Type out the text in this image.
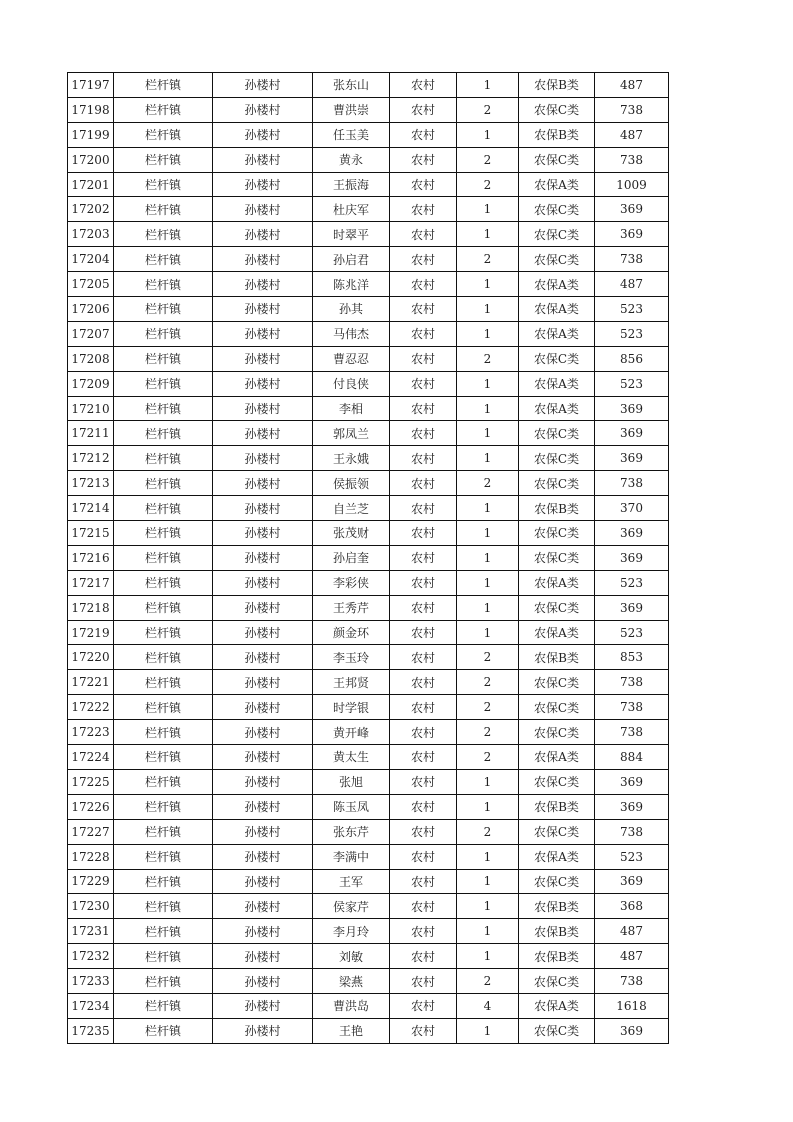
17197	栏杆镇	孙楼村	张东山	农村	1	农保B类	487
17198	栏杆镇	孙楼村	曹洪崇	农村	2	农保C类	738
17199	栏杆镇	孙楼村	任玉美	农村	1	农保B类	487
17200	栏杆镇	孙楼村	黄永	农村	2	农保C类	738
17201	栏杆镇	孙楼村	王振海	农村	2	农保A类	1009
17202	栏杆镇	孙楼村	杜庆军	农村	1	农保C类	369
17203	栏杆镇	孙楼村	时翠平	农村	1	农保C类	369
17204	栏杆镇	孙楼村	孙启君	农村	2	农保C类	738
17205	栏杆镇	孙楼村	陈兆洋	农村	1	农保A类	487
17206	栏杆镇	孙楼村	孙其	农村	1	农保A类	523
17207	栏杆镇	孙楼村	马伟杰	农村	1	农保A类	523
17208	栏杆镇	孙楼村	曹忍忍	农村	2	农保C类	856
17209	栏杆镇	孙楼村	付良侠	农村	1	农保A类	523
17210	栏杆镇	孙楼村	李相	农村	1	农保A类	369
17211	栏杆镇	孙楼村	郭凤兰	农村	1	农保C类	369
17212	栏杆镇	孙楼村	王永娥	农村	1	农保C类	369
17213	栏杆镇	孙楼村	侯振领	农村	2	农保C类	738
17214	栏杆镇	孙楼村	自兰芝	农村	1	农保B类	370
17215	栏杆镇	孙楼村	张茂财	农村	1	农保C类	369
17216	栏杆镇	孙楼村	孙启奎	农村	1	农保C类	369
17217	栏杆镇	孙楼村	李彩侠	农村	1	农保A类	523
17218	栏杆镇	孙楼村	王秀芹	农村	1	农保C类	369
17219	栏杆镇	孙楼村	颜金环	农村	1	农保A类	523
17220	栏杆镇	孙楼村	李玉玲	农村	2	农保B类	853
17221	栏杆镇	孙楼村	王邦贤	农村	2	农保C类	738
17222	栏杆镇	孙楼村	时学银	农村	2	农保C类	738
17223	栏杆镇	孙楼村	黄开峰	农村	2	农保C类	738
17224	栏杆镇	孙楼村	黄太生	农村	2	农保A类	884
17225	栏杆镇	孙楼村	张旭	农村	1	农保C类	369
17226	栏杆镇	孙楼村	陈玉凤	农村	1	农保B类	369
17227	栏杆镇	孙楼村	张东芹	农村	2	农保C类	738
17228	栏杆镇	孙楼村	李满中	农村	1	农保A类	523
17229	栏杆镇	孙楼村	王军	农村	1	农保C类	369
17230	栏杆镇	孙楼村	侯家芹	农村	1	农保B类	368
17231	栏杆镇	孙楼村	李月玲	农村	1	农保B类	487
17232	栏杆镇	孙楼村	刘敏	农村	1	农保B类	487
17233	栏杆镇	孙楼村	梁燕	农村	2	农保C类	738
17234	栏杆镇	孙楼村	曹洪岛	农村	4	农保A类	1618
17235	栏杆镇	孙楼村	王艳	农村	1	农保C类	369
